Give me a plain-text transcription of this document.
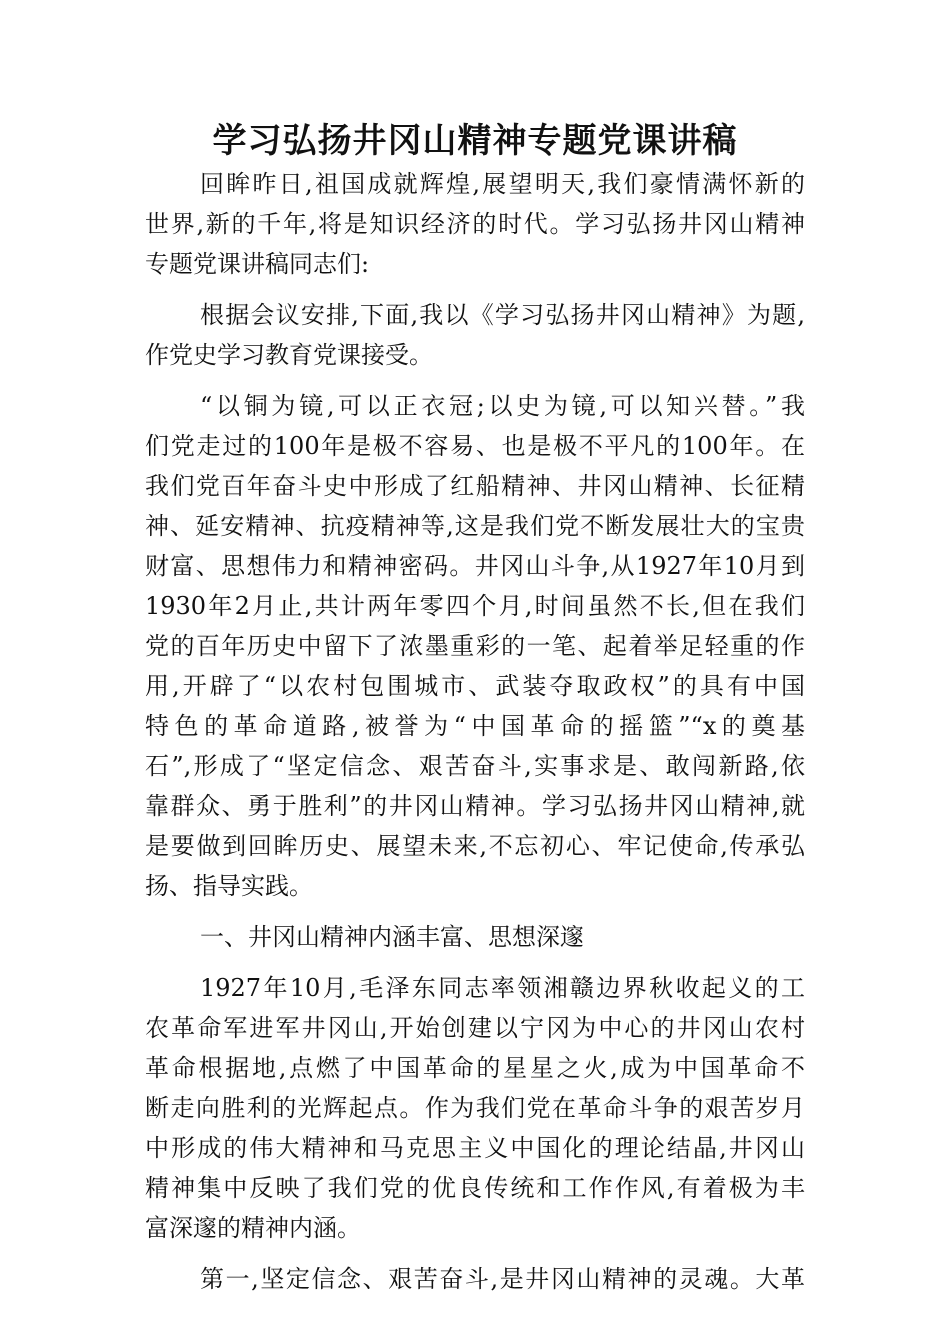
学习弘扬井冈山精神专题党课讲稿
回眸昨日,祖国成就辉煌,展望明天,我们豪情满怀新的
世界,新的千年,将是知识经济的时代。学习弘扬井冈山精神
专题党课讲稿同志们:
根据会议安排,下面,我以《学习弘扬井冈山精神》为题,
作党史学习教育党课接受。
“以铜为镜,可以正衣冠;以史为镜,可以知兴替。”我
们党走过的100年是极不容易、也是极不平凡的100年。在
我们党百年奋斗史中形成了红船精神、井冈山精神、长征精
神、延安精神、抗疫精神等,这是我们党不断发展壮大的宝贵
财富、思想伟力和精神密码。井冈山斗争,从1927年10月到
1930年2月止,共计两年零四个月,时间虽然不长,但在我们
党的百年历史中留下了浓墨重彩的一笔、起着举足轻重的作
用,开辟了“以农村包围城市、武装夺取政权”的具有中国
特色的革命道路,被誉为“中国革命的摇篮”“x的奠基
石”,形成了“坚定信念、艰苦奋斗,实事求是、敢闯新路,依
靠群众、勇于胜利”的井冈山精神。学习弘扬井冈山精神,就
是要做到回眸历史、展望未来,不忘初心、牢记使命,传承弘
扬、指导实践。
一、井冈山精神内涵丰富、思想深邃
1927年10月,毛泽东同志率领湘赣边界秋收起义的工
农革命军进军井冈山,开始创建以宁冈为中心的井冈山农村
革命根据地,点燃了中国革命的星星之火,成为中国革命不
断走向胜利的光辉起点。作为我们党在革命斗争的艰苦岁月
中形成的伟大精神和马克思主义中国化的理论结晶,井冈山
精神集中反映了我们党的优良传统和工作作风,有着极为丰
富深邃的精神内涵。
第一,坚定信念、艰苦奋斗,是井冈山精神的灵魂。大革
